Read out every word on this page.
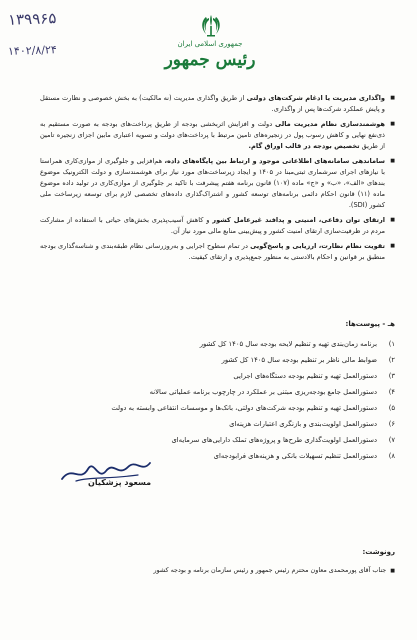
۱۳۹۹۶۵
۱۴۰۲/۸/۲۴	جمهوری اسلامی ایران
رئیس جمهور
■ واگذاری مدیریت یا ادغام شرکت‌های دولتی از طریق واگذاری مدیریت (نه مالکیت) به بخش خصوصی و نظارت مستقل و پایش عملکرد شرکت‌ها پس از واگذاری.
■ هوشمندسازی نظام مدیریت مالی دولت و افزایش اثربخشی بودجه از طریق پرداخت‌های بودجه به صورت مستقیم به ذی‌نفع نهایی و کاهش رسوب پول در زنجیره‌های تامین مرتبط با پرداخت‌های دولت و تسویه اعتباری مابین اجزای زنجیره تامین از طریق تخصیص بودجه در قالب اوراق گام.
■ ساماندهی سامانه‌های اطلاعاتی موجود و ارتباط بین پایگاه‌های داده، هم‌افزایی و جلوگیری از موازی‌کاری همراستا با نیازهای اجرای سرشماری ثبتی‌مبنا در ۱۴۰۵ و ایجاد زیرساخت‌های مورد نیاز برای هوشمندسازی و دولت الکترونیک موضوع بندهای «الف»، «ب» و «ج» ماده (۱۰۷) قانون برنامه هفتم پیشرفت با تاکید بر جلوگیری از موازی‌کاری در تولید داده موضوع ماده (۱۱) قانون احکام دائمی برنامه‌های توسعه کشور و اشتراک‌گذاری داده‌های تخصصی لازم برای توسعه زیرساخت ملی کشور (SDI).
■ ارتقای توان دفاعی، امنیتی و پدافند غیرعامل کشور و کاهش آسیب‌پذیری بخش‌های حیاتی با استفاده از مشارکت مردم در ظرفیت‌سازی ارتقای امنیت کشور و پیش‌بینی منابع مالی مورد نیاز آن.
■ تقویت نظام نظارت، ارزیابی و پاسخ‌گویی در تمام سطوح اجرایی و به‌روزرسانی نظام طبقه‌بندی و شناسه‌گذاری بودجه منطبق بر قوانین و احکام بالادستی به منظور جمع‌پذیری و ارتقای کیفیت.
هـ - پیوست‌ها:
۱)
برنامه زمان‌بندی تهیه و تنظیم لایحه بودجه سال ۱۴۰۵ کل کشور
۲)
ضوابط مالی ناظر بر تنظیم بودجه سال ۱۴۰۵ کل کشور
۳)
دستورالعمل تهیه و تنظیم بودجه دستگاه‌های اجرایی
۴)
دستورالعمل جامع بودجه‌ریزی مبتنی بر عملکرد در چارچوب برنامه عملیاتی سالانه
۵)
دستورالعمل تهیه و تنظیم بودجه شرکت‌های دولتی، بانک‌ها و موسسات انتفاعی وابسته به دولت
۶)
دستورالعمل اولویت‌بندی و بازنگری اعتبارات هزینه‌ای
۷)
دستورالعمل اولویت‌گذاری طرح‌ها و پروژه‌های تملک دارایی‌های سرمایه‌ای
۸)
دستورالعمل تنظیم تسهیلات بانکی و هزینه‌های فرابودجه‌ای
مسعود پزشکیان
رونوشت:
■جناب آقای پورمحمدی معاون محترم رئیس جمهور و رئیس سازمان برنامه و بودجه کشور
